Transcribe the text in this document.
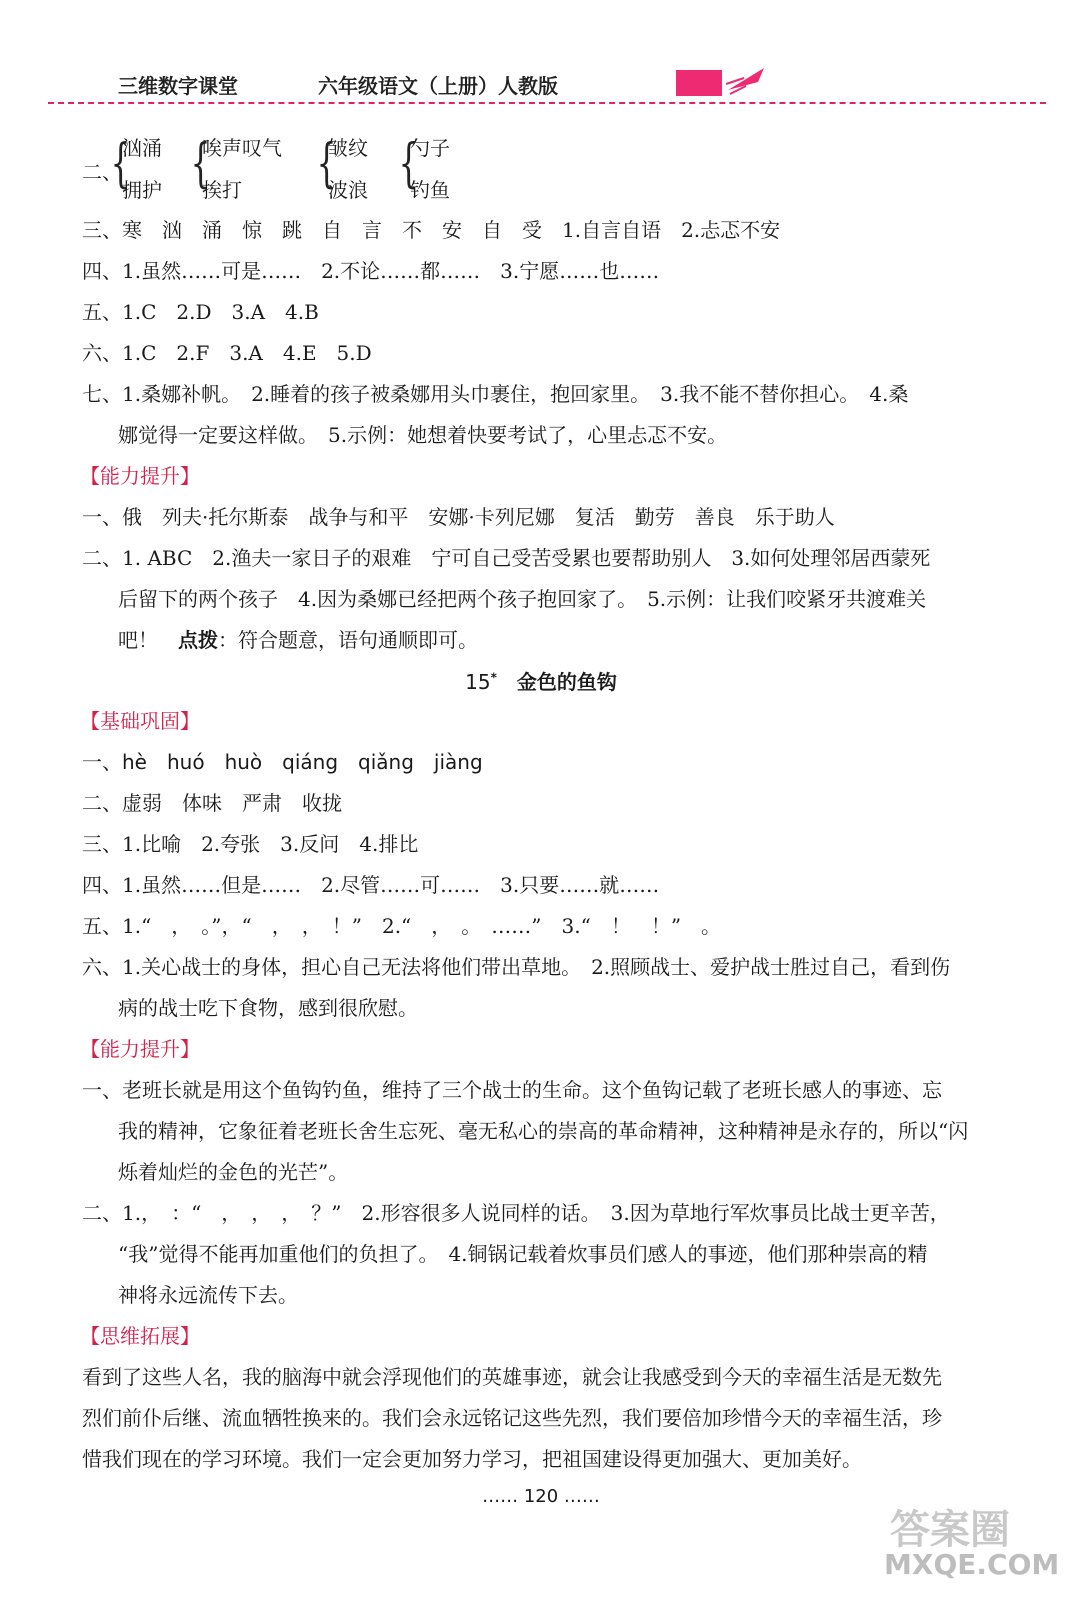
三维数字课堂	六年级语文（上册）人教版
二、
{
汹涌
拥护 {
唉声叹气
挨打 {
皱纹
波浪 {
勺子
钓鱼
三、寒　汹　涌　惊　跳　自　言　不　安　自　受　1.自言自语　2.忐忑不安
四、1.虽然……可是……　2.不论……都……　3.宁愿……也……
五、1.C　2.D　3.A　4.B
六、1.C　2.F　3.A　4.E　5.D
七、1.桑娜补帆。　2.睡着的孩子被桑娜用头巾裹住，抱回家里。　3.我不能不替你担心。　4.桑
娜觉得一定要这样做。　5.示例：她想着快要考试了，心里忐忑不安。
【能力提升】
一、俄　列夫·托尔斯泰　战争与和平　安娜·卡列尼娜　复活　勤劳　善良　乐于助人
二、1. ABC　2.渔夫一家日子的艰难　宁可自己受苦受累也要帮助别人　3.如何处理邻居西蒙死
后留下的两个孩子　4.因为桑娜已经把两个孩子抱回家了。　5.示例：让我们咬紧牙共渡难关
吧！　点拨：符合题意，语句通顺即可。
15*　 金色的鱼钩
【基础巩固】
一、hè　huó　huò　qiáng　qiǎng　jiàng
二、虚弱　体味　严肃　收拢
三、1.比喻　2.夸张　3.反问　4.排比
四、1.虽然……但是……　2.尽管……可……　3.只要……就……
五、1.“　，　。”，“　，　，　！”　2.“　，　。　……”　3.“　！　！”　。
六、1.关心战士的身体，担心自己无法将他们带出草地。　2.照顾战士、爱护战士胜过自己，看到伤
病的战士吃下食物，感到很欣慰。
【能力提升】
一、老班长就是用这个鱼钩钓鱼，维持了三个战士的生命。这个鱼钩记载了老班长感人的事迹、忘
我的精神，它象征着老班长舍生忘死、毫无私心的崇高的革命精神，这种精神是永存的，所以“闪
烁着灿烂的金色的光芒”。
二、1.，　：“　，　，　，　？”　2.形容很多人说同样的话。　3.因为草地行军炊事员比战士更辛苦，
“我”觉得不能再加重他们的负担了。　4.铜锅记载着炊事员们感人的事迹，他们那种崇高的精
神将永远流传下去。
【思维拓展】
看到了这些人名，我的脑海中就会浮现他们的英雄事迹，就会让我感受到今天的幸福生活是无数先
烈们前仆后继、流血牺牲换来的。我们会永远铭记这些先烈，我们要倍加珍惜今天的幸福生活，珍
惜我们现在的学习环境。我们一定会更加努力学习，把祖国建设得更加强大、更加美好。
…… 120 ……
答案圈
MXQE.COM
